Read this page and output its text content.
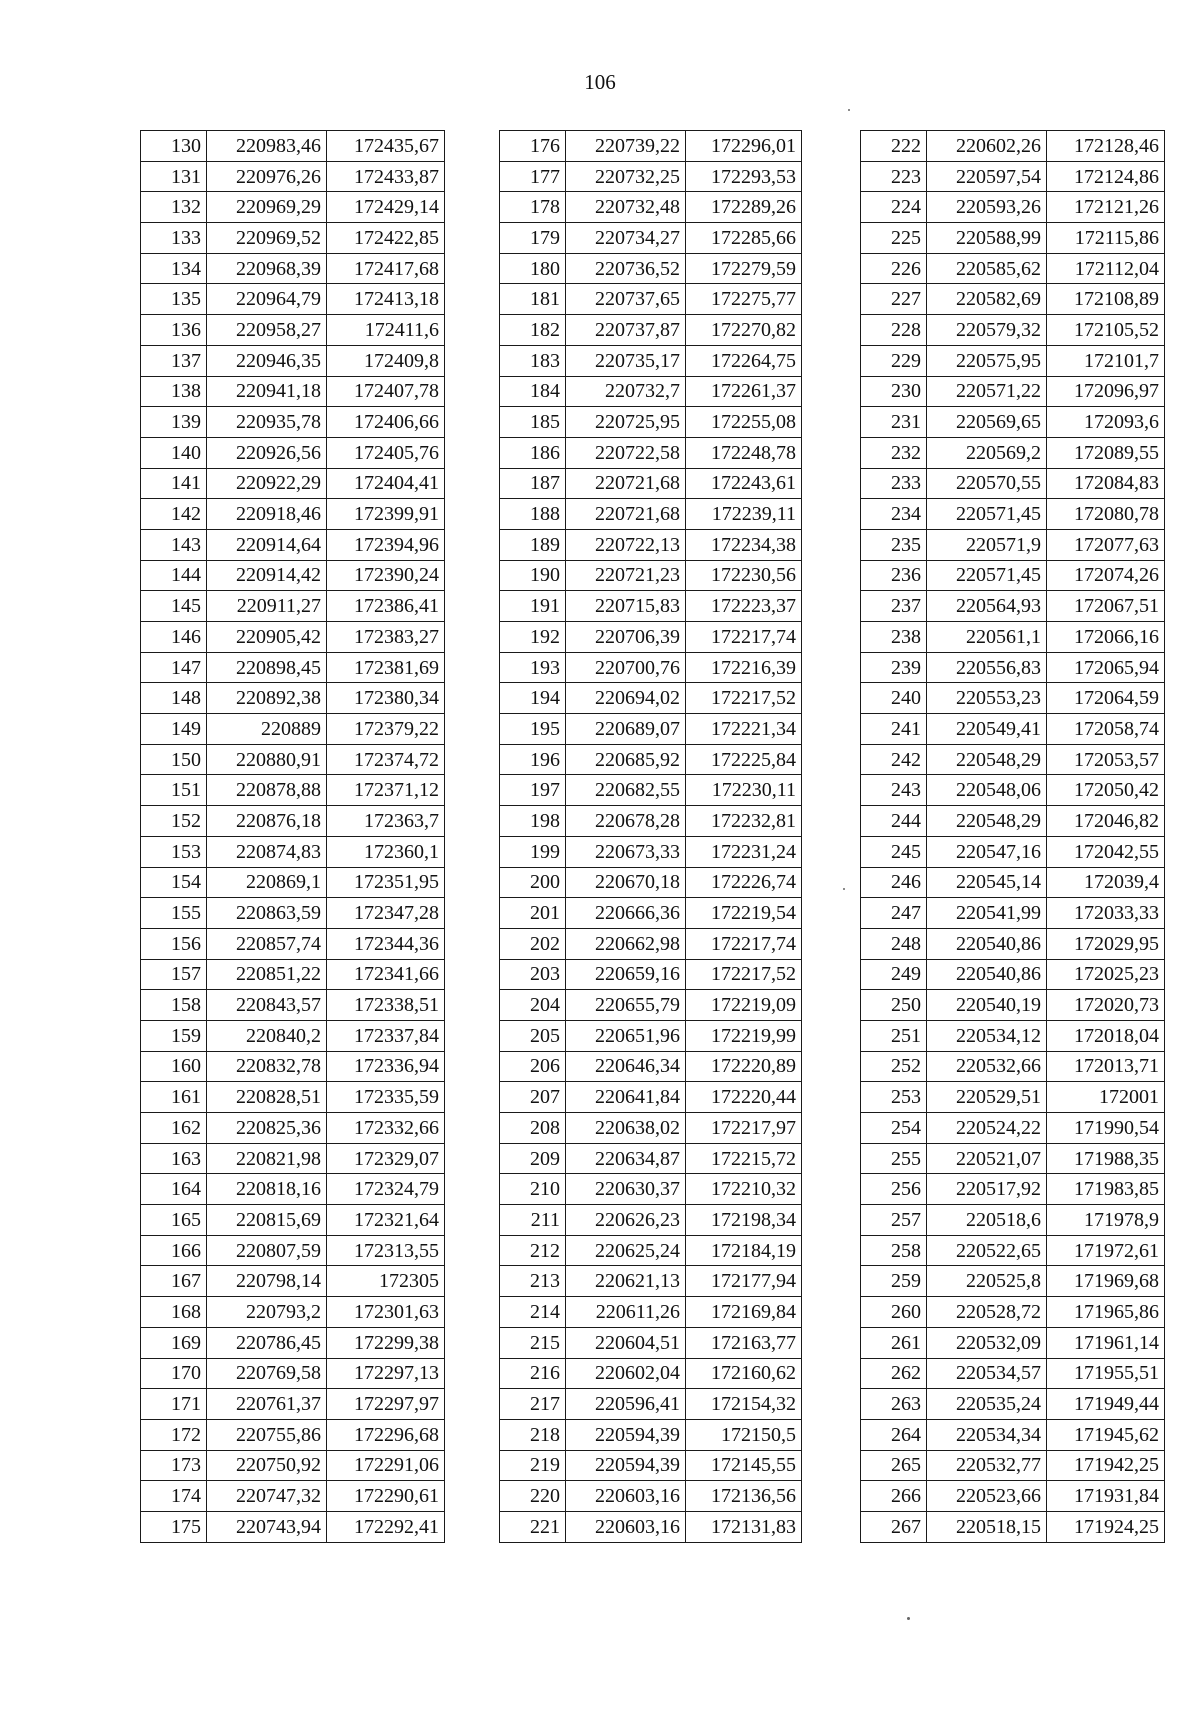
106
130	220983,46	172435,67
131	220976,26	172433,87
132	220969,29	172429,14
133	220969,52	172422,85
134	220968,39	172417,68
135	220964,79	172413,18
136	220958,27	172411,6
137	220946,35	172409,8
138	220941,18	172407,78
139	220935,78	172406,66
140	220926,56	172405,76
141	220922,29	172404,41
142	220918,46	172399,91
143	220914,64	172394,96
144	220914,42	172390,24
145	220911,27	172386,41
146	220905,42	172383,27
147	220898,45	172381,69
148	220892,38	172380,34
149	220889	172379,22
150	220880,91	172374,72
151	220878,88	172371,12
152	220876,18	172363,7
153	220874,83	172360,1
154	220869,1	172351,95
155	220863,59	172347,28
156	220857,74	172344,36
157	220851,22	172341,66
158	220843,57	172338,51
159	220840,2	172337,84
160	220832,78	172336,94
161	220828,51	172335,59
162	220825,36	172332,66
163	220821,98	172329,07
164	220818,16	172324,79
165	220815,69	172321,64
166	220807,59	172313,55
167	220798,14	172305
168	220793,2	172301,63
169	220786,45	172299,38
170	220769,58	172297,13
171	220761,37	172297,97
172	220755,86	172296,68
173	220750,92	172291,06
174	220747,32	172290,61
175	220743,94	172292,41
176	220739,22	172296,01
177	220732,25	172293,53
178	220732,48	172289,26
179	220734,27	172285,66
180	220736,52	172279,59
181	220737,65	172275,77
182	220737,87	172270,82
183	220735,17	172264,75
184	220732,7	172261,37
185	220725,95	172255,08
186	220722,58	172248,78
187	220721,68	172243,61
188	220721,68	172239,11
189	220722,13	172234,38
190	220721,23	172230,56
191	220715,83	172223,37
192	220706,39	172217,74
193	220700,76	172216,39
194	220694,02	172217,52
195	220689,07	172221,34
196	220685,92	172225,84
197	220682,55	172230,11
198	220678,28	172232,81
199	220673,33	172231,24
200	220670,18	172226,74
201	220666,36	172219,54
202	220662,98	172217,74
203	220659,16	172217,52
204	220655,79	172219,09
205	220651,96	172219,99
206	220646,34	172220,89
207	220641,84	172220,44
208	220638,02	172217,97
209	220634,87	172215,72
210	220630,37	172210,32
211	220626,23	172198,34
212	220625,24	172184,19
213	220621,13	172177,94
214	220611,26	172169,84
215	220604,51	172163,77
216	220602,04	172160,62
217	220596,41	172154,32
218	220594,39	172150,5
219	220594,39	172145,55
220	220603,16	172136,56
221	220603,16	172131,83
222	220602,26	172128,46
223	220597,54	172124,86
224	220593,26	172121,26
225	220588,99	172115,86
226	220585,62	172112,04
227	220582,69	172108,89
228	220579,32	172105,52
229	220575,95	172101,7
230	220571,22	172096,97
231	220569,65	172093,6
232	220569,2	172089,55
233	220570,55	172084,83
234	220571,45	172080,78
235	220571,9	172077,63
236	220571,45	172074,26
237	220564,93	172067,51
238	220561,1	172066,16
239	220556,83	172065,94
240	220553,23	172064,59
241	220549,41	172058,74
242	220548,29	172053,57
243	220548,06	172050,42
244	220548,29	172046,82
245	220547,16	172042,55
246	220545,14	172039,4
247	220541,99	172033,33
248	220540,86	172029,95
249	220540,86	172025,23
250	220540,19	172020,73
251	220534,12	172018,04
252	220532,66	172013,71
253	220529,51	172001
254	220524,22	171990,54
255	220521,07	171988,35
256	220517,92	171983,85
257	220518,6	171978,9
258	220522,65	171972,61
259	220525,8	171969,68
260	220528,72	171965,86
261	220532,09	171961,14
262	220534,57	171955,51
263	220535,24	171949,44
264	220534,34	171945,62
265	220532,77	171942,25
266	220523,66	171931,84
267	220518,15	171924,25
